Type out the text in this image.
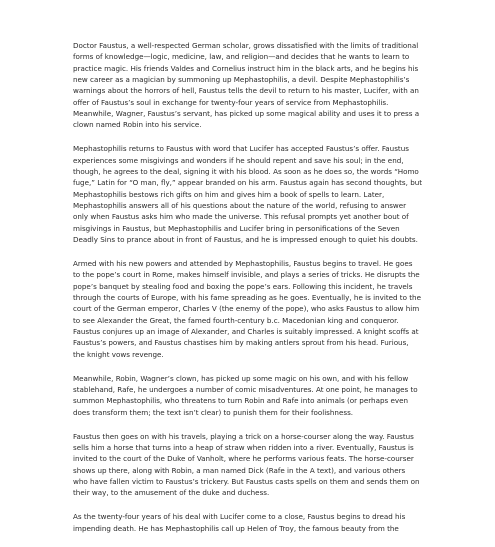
Doctor Faustus, a well-respected German scholar, grows dissatisfied with the limits of traditional
forms of knowledge—logic, medicine, law, and religion—and decides that he wants to learn to
practice magic. His friends Valdes and Cornelius instruct him in the black arts, and he begins his
new career as a magician by summoning up Mephastophilis, a devil. Despite Mephastophilis’s
warnings about the horrors of hell, Faustus tells the devil to return to his master, Lucifer, with an
offer of Faustus’s soul in exchange for twenty-four years of service from Mephastophilis.
Meanwhile, Wagner, Faustus’s servant, has picked up some magical ability and uses it to press a
clown named Robin into his service.

Mephastophilis returns to Faustus with word that Lucifer has accepted Faustus’s offer. Faustus
experiences some misgivings and wonders if he should repent and save his soul; in the end,
though, he agrees to the deal, signing it with his blood. As soon as he does so, the words “Homo
fuge,” Latin for “O man, fly,” appear branded on his arm. Faustus again has second thoughts, but
Mephastophilis bestows rich gifts on him and gives him a book of spells to learn. Later,
Mephastophilis answers all of his questions about the nature of the world, refusing to answer
only when Faustus asks him who made the universe. This refusal prompts yet another bout of
misgivings in Faustus, but Mephastophilis and Lucifer bring in personifications of the Seven
Deadly Sins to prance about in front of Faustus, and he is impressed enough to quiet his doubts.

Armed with his new powers and attended by Mephastophilis, Faustus begins to travel. He goes
to the pope’s court in Rome, makes himself invisible, and plays a series of tricks. He disrupts the
pope’s banquet by stealing food and boxing the pope’s ears. Following this incident, he travels
through the courts of Europe, with his fame spreading as he goes. Eventually, he is invited to the
court of the German emperor, Charles V (the enemy of the pope), who asks Faustus to allow him
to see Alexander the Great, the famed fourth-century b.c. Macedonian king and conqueror.
Faustus conjures up an image of Alexander, and Charles is suitably impressed. A knight scoffs at
Faustus’s powers, and Faustus chastises him by making antlers sprout from his head. Furious,
the knight vows revenge.

Meanwhile, Robin, Wagner’s clown, has picked up some magic on his own, and with his fellow
stablehand, Rafe, he undergoes a number of comic misadventures. At one point, he manages to
summon Mephastophilis, who threatens to turn Robin and Rafe into animals (or perhaps even
does transform them; the text isn’t clear) to punish them for their foolishness.

Faustus then goes on with his travels, playing a trick on a horse-courser along the way. Faustus
sells him a horse that turns into a heap of straw when ridden into a river. Eventually, Faustus is
invited to the court of the Duke of Vanholt, where he performs various feats. The horse-courser
shows up there, along with Robin, a man named Dick (Rafe in the A text), and various others
who have fallen victim to Faustus’s trickery. But Faustus casts spells on them and sends them on
their way, to the amusement of the duke and duchess.

As the twenty-four years of his deal with Lucifer come to a close, Faustus begins to dread his
impending death. He has Mephastophilis call up Helen of Troy, the famous beauty from the
